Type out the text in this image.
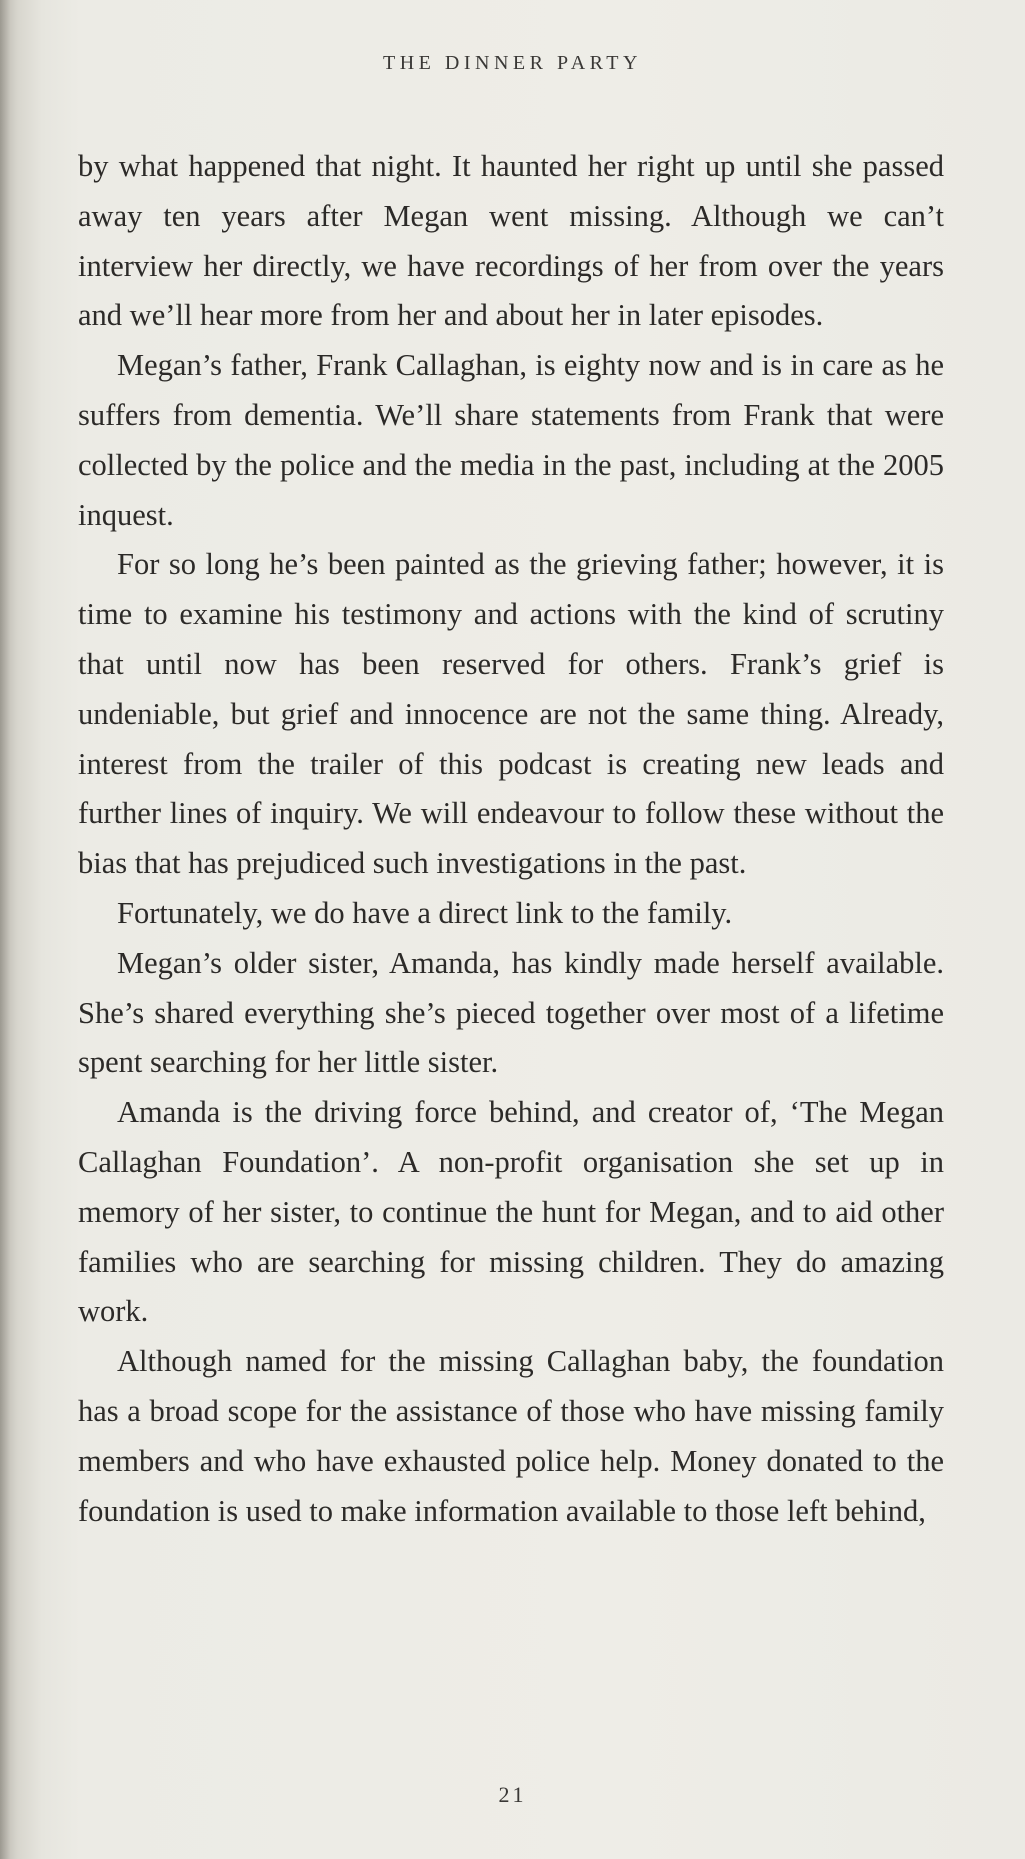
THE DINNER PARTY

by what happened that night. It haunted her right up until she passed away ten years after Megan went missing. Although we can’t interview her directly, we have recordings of her from over the years and we’ll hear more from her and about her in later episodes.

Megan’s father, Frank Callaghan, is eighty now and is in care as he suffers from dementia. We’ll share statements from Frank that were collected by the police and the media in the past, including at the 2005 inquest.

For so long he’s been painted as the grieving father; however, it is time to examine his testimony and actions with the kind of scrutiny that until now has been reserved for others. Frank’s grief is undeniable, but grief and innocence are not the same thing. Already, interest from the trailer of this podcast is creating new leads and further lines of inquiry. We will endeavour to follow these without the bias that has prejudiced such investigations in the past.

Fortunately, we do have a direct link to the family.

Megan’s older sister, Amanda, has kindly made herself available. She’s shared everything she’s pieced together over most of a lifetime spent searching for her little sister.

Amanda is the driving force behind, and creator of, ‘The Megan Callaghan Foundation’. A non-profit organisation she set up in memory of her sister, to continue the hunt for Megan, and to aid other families who are searching for missing children. They do amazing work.

Although named for the missing Callaghan baby, the foundation has a broad scope for the assistance of those who have missing family members and who have exhausted police help. Money donated to the foundation is used to make information available to those left behind,

21
